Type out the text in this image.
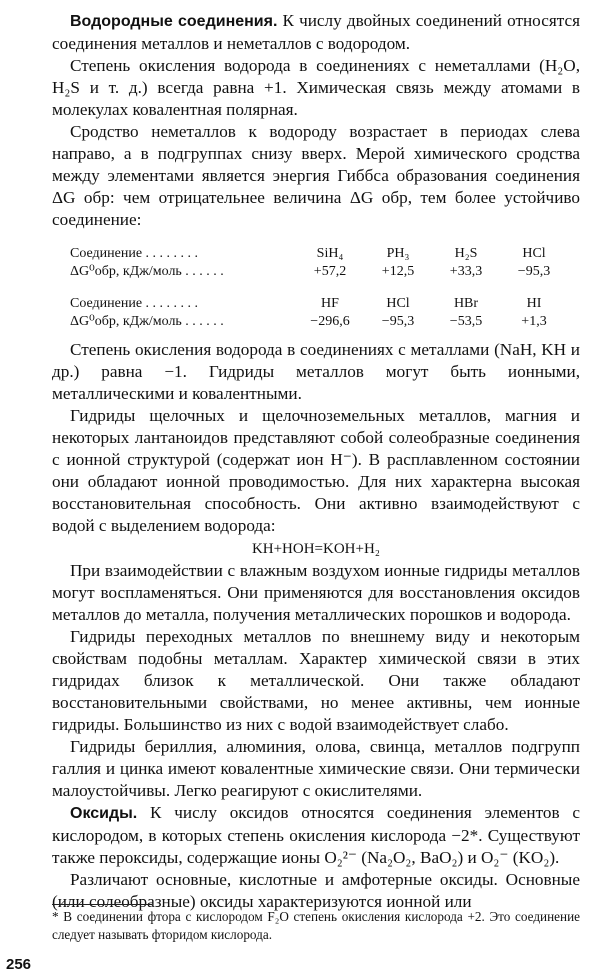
Водородные соединения. К числу двойных соединений относятся соединения металлов и неметаллов с водородом.

Степень окисления водорода в соединениях с неметаллами (H₂O, H₂S и т. д.) всегда равна +1. Химическая связь между атомами в молекулах ковалентная полярная.

Сродство неметаллов к водороду возрастает в периодах слева направо, а в подгруппах снизу вверх. Мерой химического сродства между элементами является энергия Гиббса образования соединения ΔG обр: чем отрицательнее величина ΔG обр, тем более устойчиво соединение:

Соединение . . . . . . . .	SiH₄	PH₃	H₂S	HCl
ΔG⁰обр, кДж/моль . . . . . .	+57,2	+12,5	+33,3	−95,3

Соединение . . . . . . . .	HF	HCl	HBr	HI
ΔG⁰обр, кДж/моль . . . . . .	−296,6	−95,3	−53,5	+1,3

Степень окисления водорода в соединениях с металлами (NaH, KH и др.) равна −1. Гидриды металлов могут быть ионными, металлическими и ковалентными.

Гидриды щелочных и щелочноземельных металлов, магния и некоторых лантаноидов представляют собой солеобразные соединения с ионной структурой (содержат ион H⁻). В расплавленном состоянии они обладают ионной проводимостью. Для них характерна высокая восстановительная способность. Они активно взаимодействуют с водой с выделением водорода:

KH+HOH=KOH+H₂

При взаимодействии с влажным воздухом ионные гидриды металлов могут воспламеняться. Они применяются для восстановления оксидов металлов до металла, получения металлических порошков и водорода.

Гидриды переходных металлов по внешнему виду и некоторым свойствам подобны металлам. Характер химической связи в этих гидридах близок к металлической. Они также обладают восстановительными свойствами, но менее активны, чем ионные гидриды. Большинство из них с водой взаимодействует слабо.

Гидриды бериллия, алюминия, олова, свинца, металлов подгрупп галлия и цинка имеют ковалентные химические связи. Они термически малоустойчивы. Легко реагируют с окислителями.

Оксиды. К числу оксидов относятся соединения элементов с кислородом, в которых степень окисления кислорода −2*. Существуют также пероксиды, содержащие ионы O₂²⁻ (Na₂O₂, BaO₂) и O₂⁻ (KO₂).

Различают основные, кислотные и амфотерные оксиды. Основные (или солеобразные) оксиды характеризуются ионной или

* В соединении фтора с кислородом F₂O степень окисления кислорода +2. Это соединение следует называть фторидом кислорода.
256
